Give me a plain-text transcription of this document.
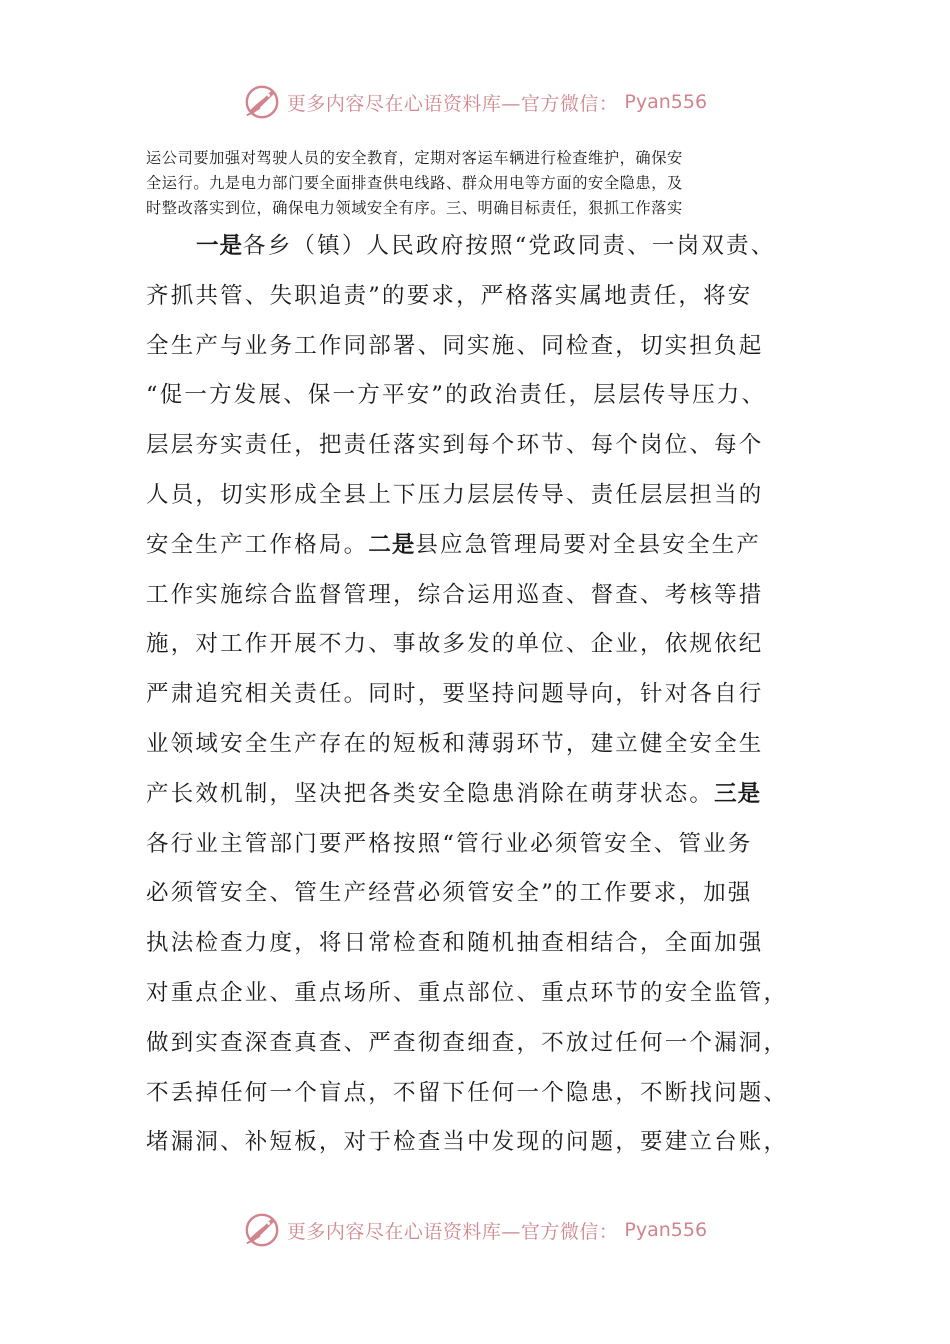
更多内容尽在心语资料库—官方微信： Pyan556
运公司要加强对驾驶人员的安全教育，定期对客运车辆进行检查维护，确保安
全运行。九是电力部门要全面排查供电线路、群众用电等方面的安全隐患，及
时整改落实到位，确保电力领域安全有序。三、明确目标责任，狠抓工作落实
一是各乡（镇）人民政府按照“党政同责、一岗双责、
齐抓共管、失职追责”的要求，严格落实属地责任，将安
全生产与业务工作同部署、同实施、同检查，切实担负起
“促一方发展、保一方平安”的政治责任，层层传导压力、
层层夯实责任，把责任落实到每个环节、每个岗位、每个
人员，切实形成全县上下压力层层传导、责任层层担当的
安全生产工作格局。二是县应急管理局要对全县安全生产
工作实施综合监督管理，综合运用巡查、督查、考核等措
施，对工作开展不力、事故多发的单位、企业，依规依纪
严肃追究相关责任。同时，要坚持问题导向，针对各自行
业领域安全生产存在的短板和薄弱环节，建立健全安全生
产长效机制，坚决把各类安全隐患消除在萌芽状态。三是
各行业主管部门要严格按照“管行业必须管安全、管业务
必须管安全、管生产经营必须管安全”的工作要求，加强
执法检查力度，将日常检查和随机抽查相结合，全面加强
对重点企业、重点场所、重点部位、重点环节的安全监管，
做到实查深查真查、严查彻查细查，不放过任何一个漏洞，
不丢掉任何一个盲点，不留下任何一个隐患，不断找问题、
堵漏洞、补短板，对于检查当中发现的问题，要建立台账，
更多内容尽在心语资料库—官方微信： Pyan556
